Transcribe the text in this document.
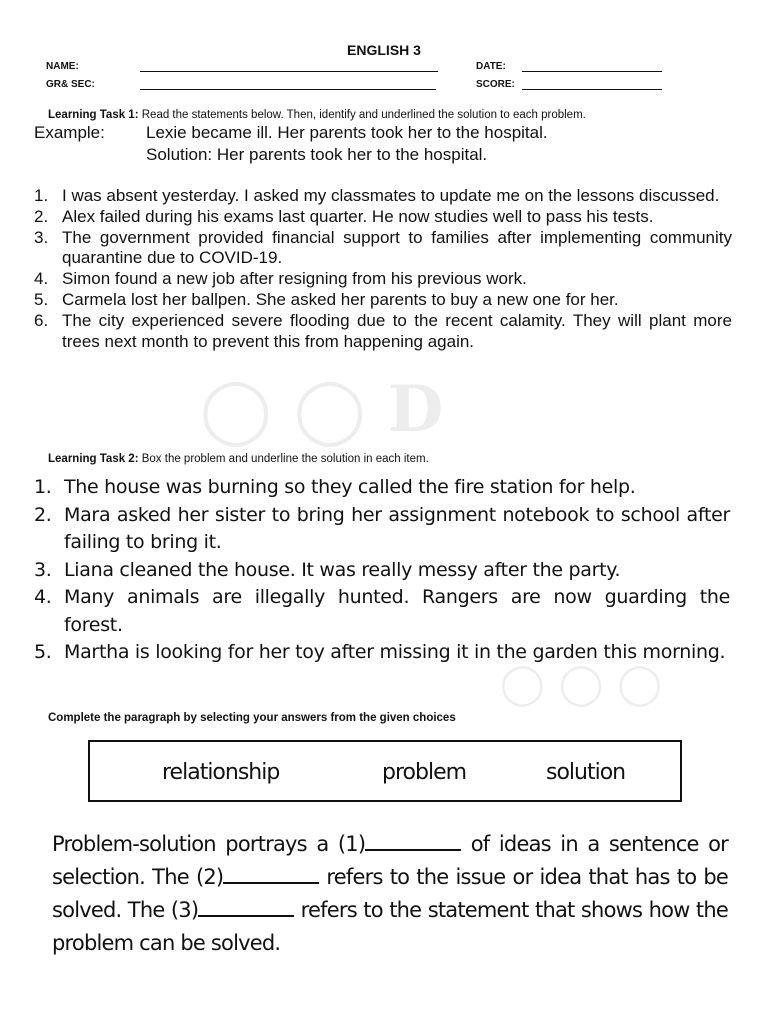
◯ ◯ D
◯ ◯ ◯
ENGLISH 3
NAME:
GR& SEC:
DATE:
SCORE:
Learning Task 1: Read the statements below. Then, identify and underlined the solution to each problem.
Example: Lexie became ill. Her parents took her to the hospital.
Solution: Her parents took her to the hospital.
1. I was absent yesterday. I asked my classmates to update me on the lessons discussed.
2. Alex failed during his exams last quarter. He now studies well to pass his tests.
3. The government provided financial support to families after implementing community quarantine due to COVID-19.
4. Simon found a new job after resigning from his previous work.
5. Carmela lost her ballpen. She asked her parents to buy a new one for her.
6. The city experienced severe flooding due to the recent calamity. They will plant more trees next month to prevent this from happening again.
Learning Task 2: Box the problem and underline the solution in each item.
1. The house was burning so they called the fire station for help.
2. Mara asked her sister to bring her assignment notebook to school after failing to bring it.
3. Liana cleaned the house. It was really messy after the party.
4. Many animals are illegally hunted. Rangers are now guarding the forest.
5. Martha is looking for her toy after missing it in the garden this morning.
Complete the paragraph by selecting your answers from the given choices
relationship	problem	solution
Problem-solution portrays a (1)	of ideas in a sentence or selection. The (2)	refers to the issue or idea that has to be solved. The (3)	refers to the statement that shows how the problem can be solved.
